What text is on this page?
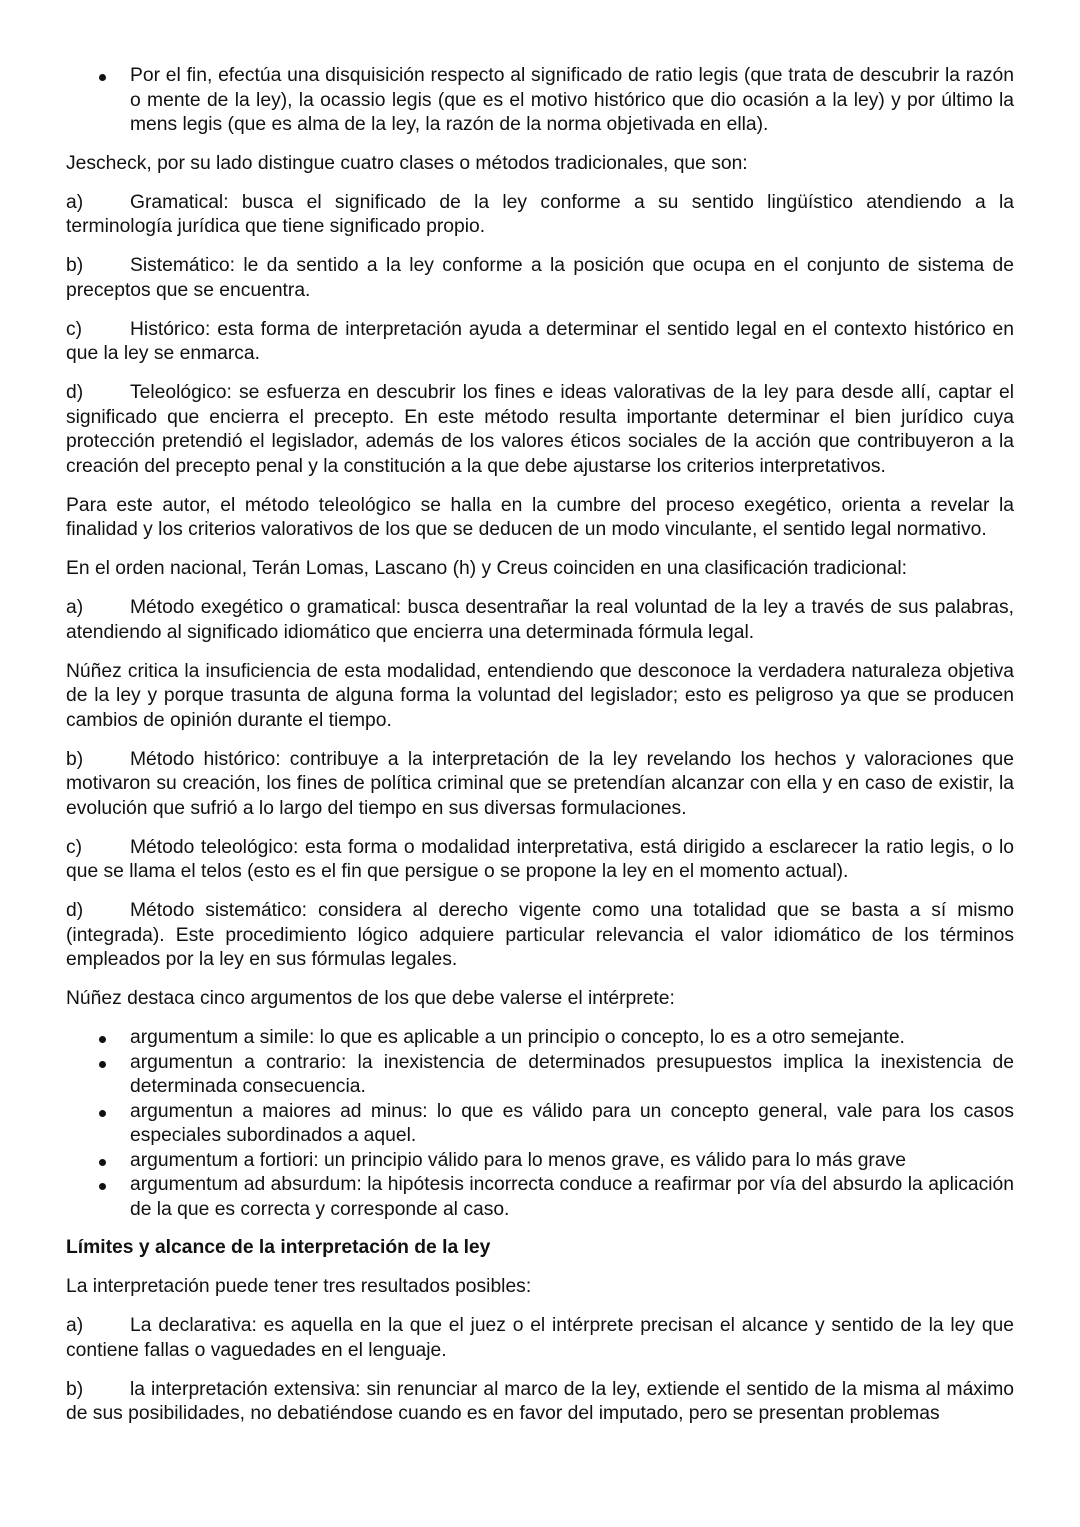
Por el fin, efectúa una disquisición respecto al significado de ratio legis (que trata de descubrir la razón o mente de la ley), la ocassio legis (que es el motivo histórico que dio ocasión a la ley) y por último la mens legis (que es alma de la ley, la razón de la norma objetivada en ella).

Jescheck, por su lado distingue cuatro clases o métodos tradicionales, que son:

a) Gramatical: busca el significado de la ley conforme a su sentido lingüístico atendiendo a la terminología jurídica que tiene significado propio.
b) Sistemático: le da sentido a la ley conforme a la posición que ocupa en el conjunto de sistema de preceptos que se encuentra.
c) Histórico: esta forma de interpretación ayuda a determinar el sentido legal en el contexto histórico en que la ley se enmarca.
d) Teleológico: se esfuerza en descubrir los fines e ideas valorativas de la ley para desde allí, captar el significado que encierra el precepto. En este método resulta importante determinar el bien jurídico cuya protección pretendió el legislador, además de los valores éticos sociales de la acción que contribuyeron a la creación del precepto penal y la constitución a la que debe ajustarse los criterios interpretativos.

Para este autor, el método teleológico se halla en la cumbre del proceso exegético, orienta a revelar la finalidad y los criterios valorativos de los que se deducen de un modo vinculante, el sentido legal normativo.

En el orden nacional, Terán Lomas, Lascano (h) y Creus coinciden en una clasificación tradicional:

a) Método exegético o gramatical: busca desentrañar la real voluntad de la ley a través de sus palabras, atendiendo al significado idiomático que encierra una determinada fórmula legal.

Núñez critica la insuficiencia de esta modalidad, entendiendo que desconoce la verdadera naturaleza objetiva de la ley y porque trasunta de alguna forma la voluntad del legislador; esto es peligroso ya que se producen cambios de opinión durante el tiempo.

b) Método histórico: contribuye a la interpretación de la ley revelando los hechos y valoraciones que motivaron su creación, los fines de política criminal que se pretendían alcanzar con ella y en caso de existir, la evolución que sufrió a lo largo del tiempo en sus diversas formulaciones.
c) Método teleológico: esta forma o modalidad interpretativa, está dirigido a esclarecer la ratio legis, o lo que se llama el telos (esto es el fin que persigue o se propone la ley en el momento actual).
d) Método sistemático: considera al derecho vigente como una totalidad que se basta a sí mismo (integrada). Este procedimiento lógico adquiere particular relevancia el valor idiomático de los términos empleados por la ley en sus fórmulas legales.

Núñez destaca cinco argumentos de los que debe valerse el intérprete:

argumentum a simile: lo que es aplicable a un principio o concepto, lo es a otro semejante.
argumentun a contrario: la inexistencia de determinados presupuestos implica la inexistencia de determinada consecuencia.
argumentun a maiores ad minus: lo que es válido para un concepto general, vale para los casos especiales subordinados a aquel.
argumentum a fortiori: un principio válido para lo menos grave, es válido para lo más grave
argumentum ad absurdum: la hipótesis incorrecta conduce a reafirmar por vía del absurdo la aplicación de la que es correcta y corresponde al caso.

Límites y alcance de la interpretación de la ley

La interpretación puede tener tres resultados posibles:

a) La declarativa: es aquella en la que el juez o el intérprete precisan el alcance y sentido de la ley que contiene fallas o vaguedades en el lenguaje.
b) la interpretación extensiva: sin renunciar al marco de la ley, extiende el sentido de la misma al máximo de sus posibilidades, no debatiéndose cuando es en favor del imputado, pero se presentan problemas
